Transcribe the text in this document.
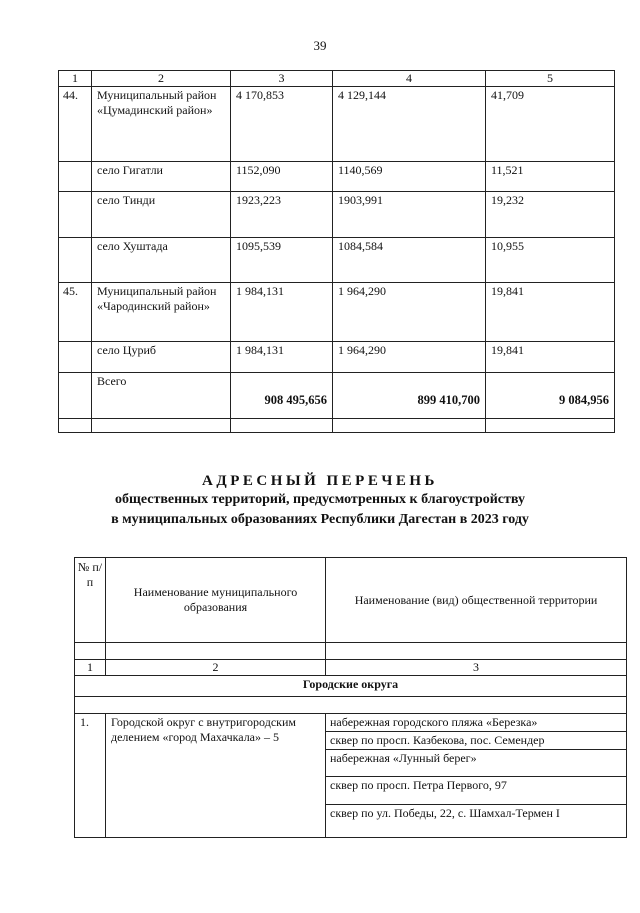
39
1	2	3	4	5
44.	Муниципальный район «Цумадинский район»	4 170,853	4 129,144	41,709
	село Гигатли	1152,090	1140,569	11,521
	село Тинди	1923,223	1903,991	19,232
	село Хуштада	1095,539	1084,584	10,955
45.	Муниципальный район «Чародинский район»	1 984,131	1 964,290	19,841
	село Цуриб	1 984,131	1 964,290	19,841
	Всего	908 495,656	899 410,700	9 084,956

АДРЕСНЫЙ ПЕРЕЧЕНЬ
общественных территорий, предусмотренных к благоустройству
в муниципальных образованиях Республики Дагестан в 2023 году
№ п/п	Наименование муниципального образования	Наименование (вид) общественной территории

1	2	3
Городские округа		

1.	Городской округ с внутригородским делением «город Махачкала» – 5	набережная городского пляжа «Березка»
		сквер по просп. Казбекова, пос. Семендер
		набережная «Лунный берег»
		сквер по просп. Петра Первого, 97
		сквер по ул. Победы, 22, с. Шамхал-Термен I
